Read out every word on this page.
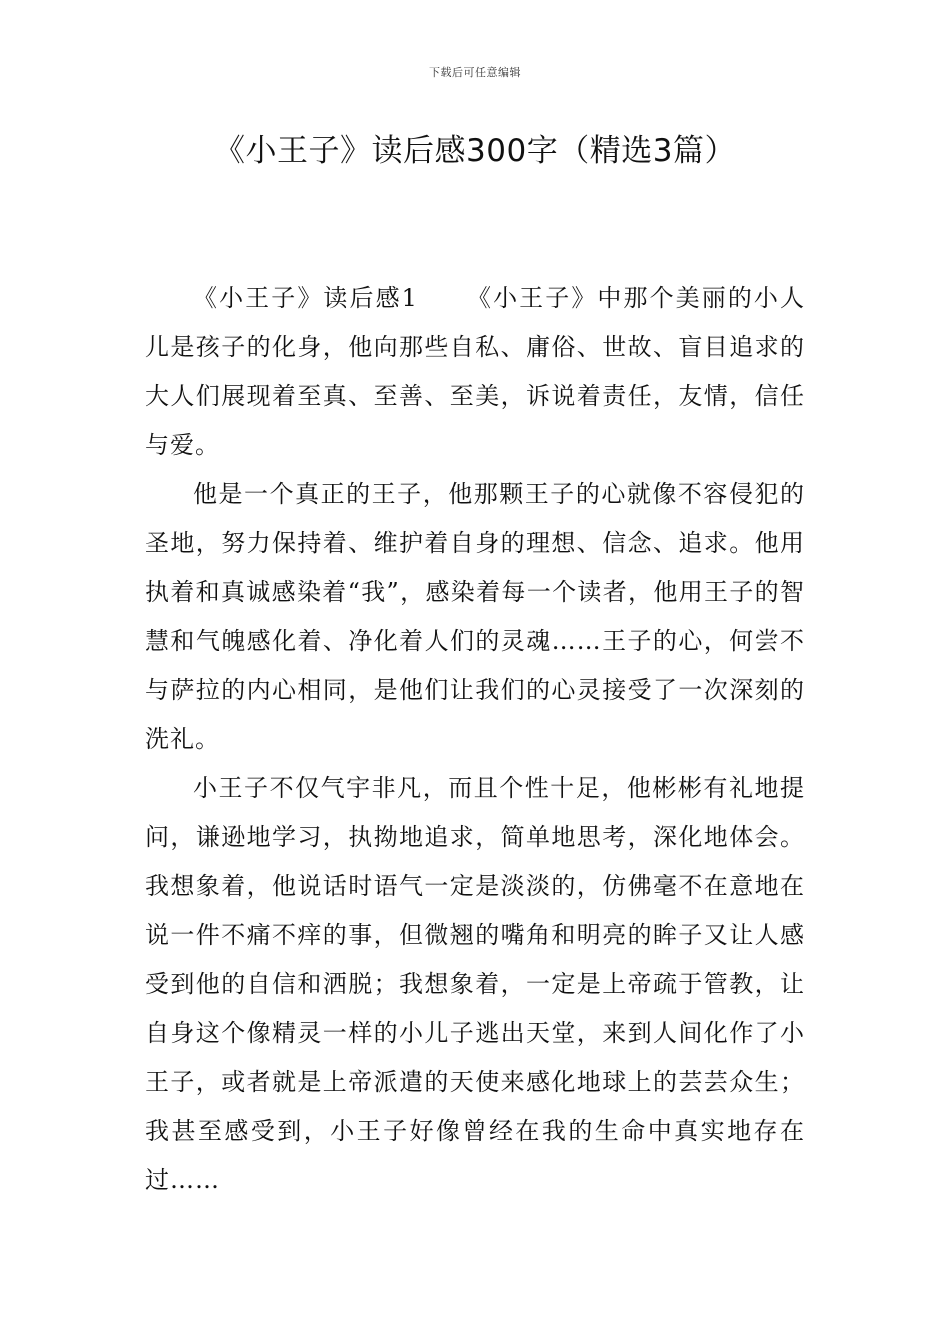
下载后可任意编辑
《小王子》读后感300字（精选3篇）

《小王子》读后感1 《小王子》中那个美丽的小人儿是孩子的化身，他向那些自私、庸俗、世故、盲目追求的大人们展现着至真、至善、至美，诉说着责任，友情，信任与爱。

他是一个真正的王子，他那颗王子的心就像不容侵犯的圣地，努力保持着、维护着自身的理想、信念、追求。他用执着和真诚感染着“我”，感染着每一个读者，他用王子的智慧和气魄感化着、净化着人们的灵魂……王子的心，何尝不与萨拉的内心相同，是他们让我们的心灵接受了一次深刻的洗礼。

小王子不仅气宇非凡，而且个性十足，他彬彬有礼地提问，谦逊地学习，执拗地追求，简单地思考，深化地体会。我想象着，他说话时语气一定是淡淡的，仿佛毫不在意地在说一件不痛不痒的事，但微翘的嘴角和明亮的眸子又让人感受到他的自信和洒脱；我想象着，一定是上帝疏于管教，让自身这个像精灵一样的小儿子逃出天堂，来到人间化作了小王子，或者就是上帝派遣的天使来感化地球上的芸芸众生；我甚至感受到，小王子好像曾经在我的生命中真实地存在过……
